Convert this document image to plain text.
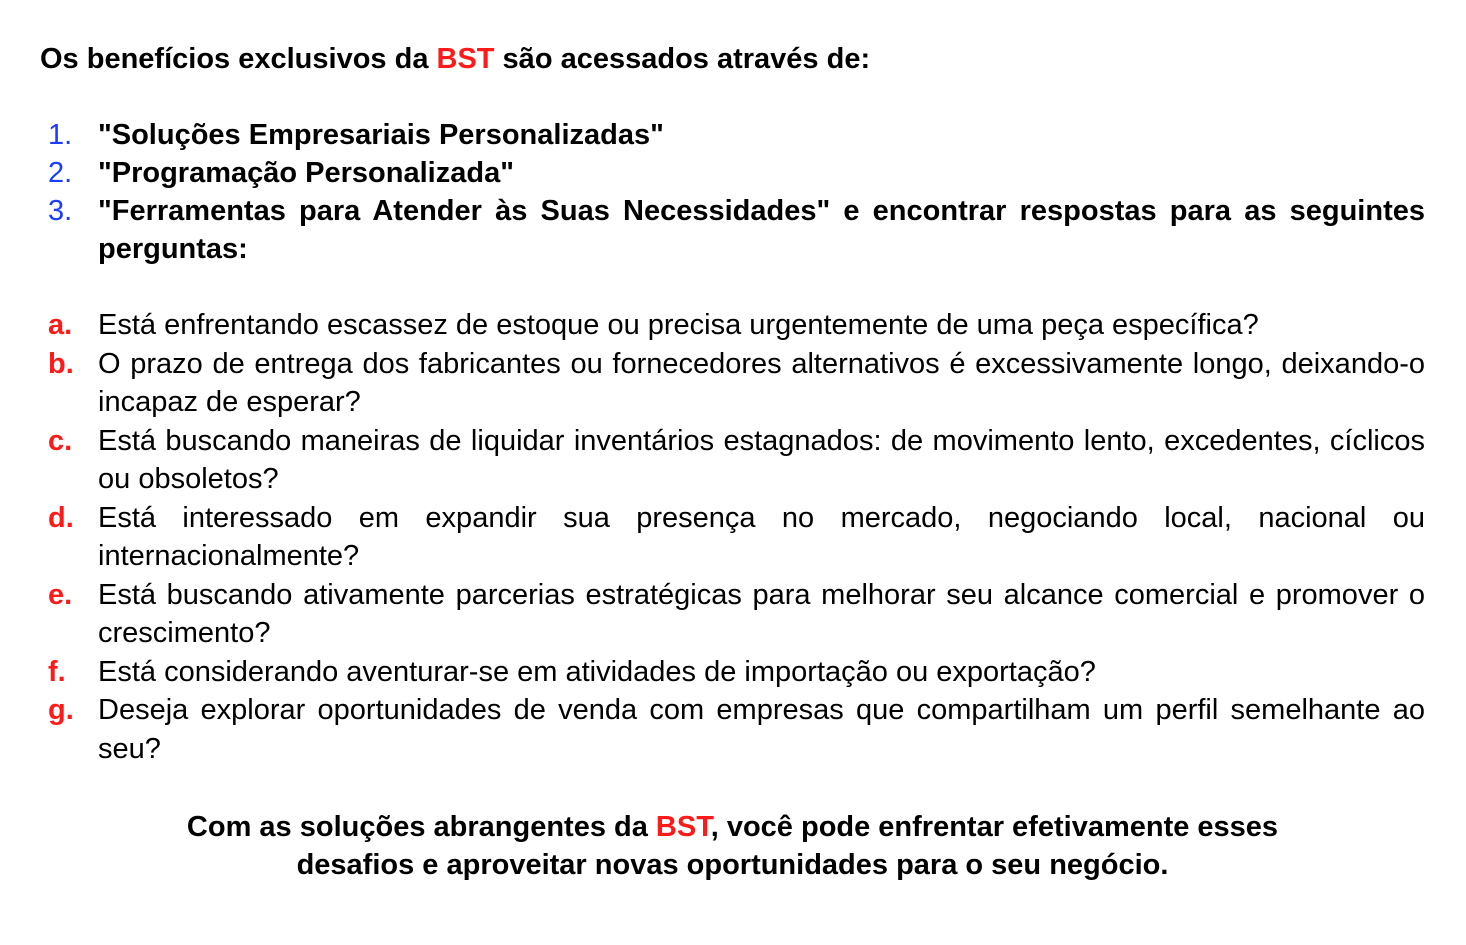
Os benefícios exclusivos da BST são acessados através de:

1. "Soluções Empresariais Personalizadas"
2. "Programação Personalizada"
3. "Ferramentas para Atender às Suas Necessidades" e encontrar respostas para as seguintes perguntas:
a. Está enfrentando escassez de estoque ou precisa urgentemente de uma peça específica?
b. O prazo de entrega dos fabricantes ou fornecedores alternativos é excessivamente longo, deixando-o incapaz de esperar?
c. Está buscando maneiras de liquidar inventários estagnados: de movimento lento, excedentes, cíclicos ou obsoletos?
d. Está interessado em expandir sua presença no mercado, negociando local, nacional ou internacionalmente?
e. Está buscando ativamente parcerias estratégicas para melhorar seu alcance comercial e promover o crescimento?
f.	Está considerando aventurar-se em atividades de importação ou exportação?
g. Deseja explorar oportunidades de venda com empresas que compartilham um perfil semelhante ao seu?

Com as soluções abrangentes da BST, você pode enfrentar efetivamente esses
desafios e aproveitar novas oportunidades para o seu negócio.
